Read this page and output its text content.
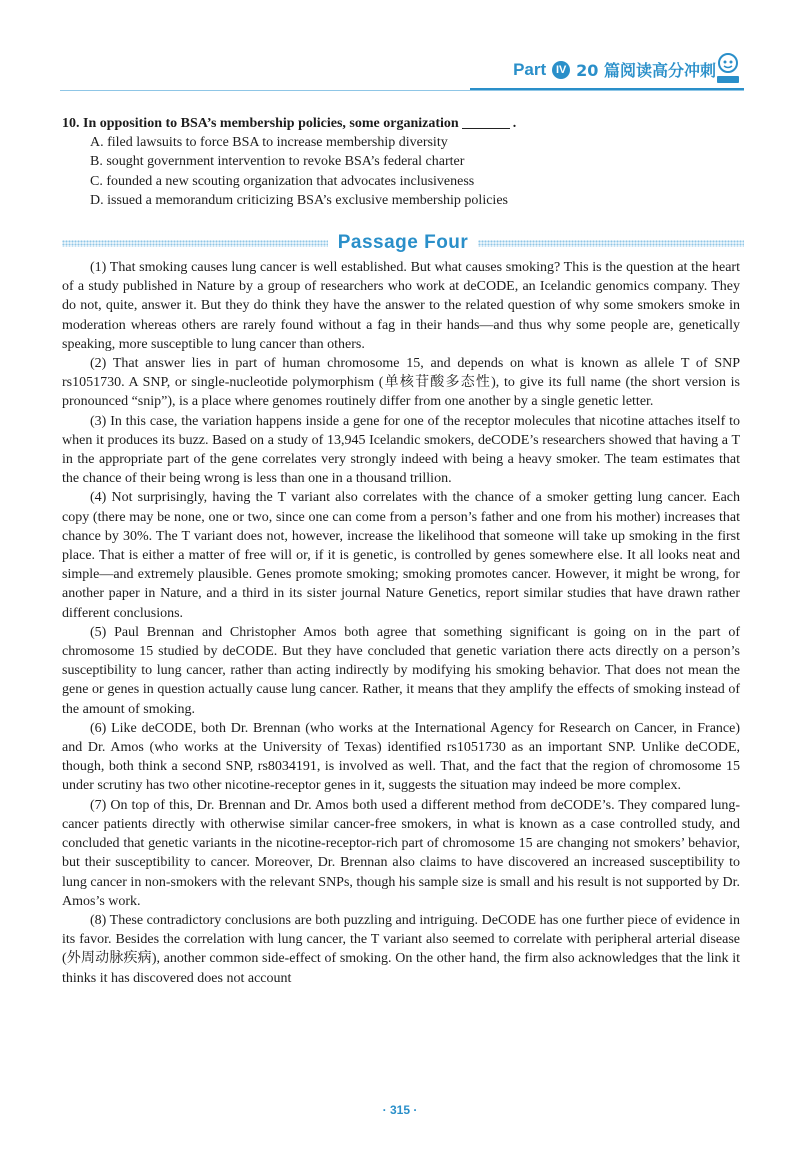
Part IV 20 篇阅读高分冲刺
10. In opposition to BSA’s membership policies, some organization	.
A. filed lawsuits to force BSA to increase membership diversity
B. sought government intervention to revoke BSA’s federal charter
C. founded a new scouting organization that advocates inclusiveness
D. issued a memorandum criticizing BSA’s exclusive membership policies
Passage Four

(1) That smoking causes lung cancer is well established. But what causes smoking? This is the question at the heart of a study published in Nature by a group of researchers who work at deCODE, an Icelandic genomics company. They do not, quite, answer it. But they do think they have the answer to the related question of why some smokers smoke in moderation whereas others are rarely found without a fag in their hands—and thus why some people are, genetically speaking, more susceptible to lung cancer than others.

(2) That answer lies in part of human chromosome 15, and depends on what is known as allele T of SNP rs1051730. A SNP, or single-nucleotide polymorphism (单核苷酸多态性), to give its full name (the short version is pronounced “snip”), is a place where genomes routinely differ from one another by a single genetic letter.

(3) In this case, the variation happens inside a gene for one of the receptor molecules that nicotine attaches itself to when it produces its buzz. Based on a study of 13,945 Icelandic smokers, deCODE’s researchers showed that having a T in the appropriate part of the gene correlates very strongly indeed with being a heavy smoker. The team estimates that the chance of their being wrong is less than one in a thousand trillion.

(4) Not surprisingly, having the T variant also correlates with the chance of a smoker getting lung cancer. Each copy (there may be none, one or two, since one can come from a person’s father and one from his mother) increases that chance by 30%. The T variant does not, however, increase the likelihood that someone will take up smoking in the first place. That is either a matter of free will or, if it is genetic, is controlled by genes somewhere else. It all looks neat and simple—and extremely plausible. Genes promote smoking; smoking promotes cancer. However, it might be wrong, for another paper in Nature, and a third in its sister journal Nature Genetics, report similar studies that have drawn rather different conclusions.

(5) Paul Brennan and Christopher Amos both agree that something significant is going on in the part of chromosome 15 studied by deCODE. But they have concluded that genetic variation there acts directly on a person’s susceptibility to lung cancer, rather than acting indirectly by modifying his smoking behavior. That does not mean the gene or genes in question actually cause lung cancer. Rather, it means that they amplify the effects of smoking instead of the amount of smoking.

(6) Like deCODE, both Dr. Brennan (who works at the International Agency for Research on Cancer, in France) and Dr. Amos (who works at the University of Texas) identified rs1051730 as an important SNP. Unlike deCODE, though, both think a second SNP, rs8034191, is involved as well. That, and the fact that the region of chromosome 15 under scrutiny has two other nicotine-receptor genes in it, suggests the situation may indeed be more complex.

(7) On top of this, Dr. Brennan and Dr. Amos both used a different method from deCODE’s. They compared lung-cancer patients directly with otherwise similar cancer-free smokers, in what is known as a case controlled study, and concluded that genetic variants in the nicotine-receptor-rich part of chromosome 15 are changing not smokers’ behavior, but their susceptibility to cancer. Moreover, Dr. Brennan also claims to have discovered an increased susceptibility to lung cancer in non-smokers with the relevant SNPs, though his sample size is small and his result is not supported by Dr. Amos’s work.

(8) These contradictory conclusions are both puzzling and intriguing. DeCODE has one further piece of evidence in its favor. Besides the correlation with lung cancer, the T variant also seemed to correlate with peripheral arterial disease (外周动脉疾病), another common side-effect of smoking. On the other hand, the firm also acknowledges that the link it thinks it has discovered does not account

· 315 ·
